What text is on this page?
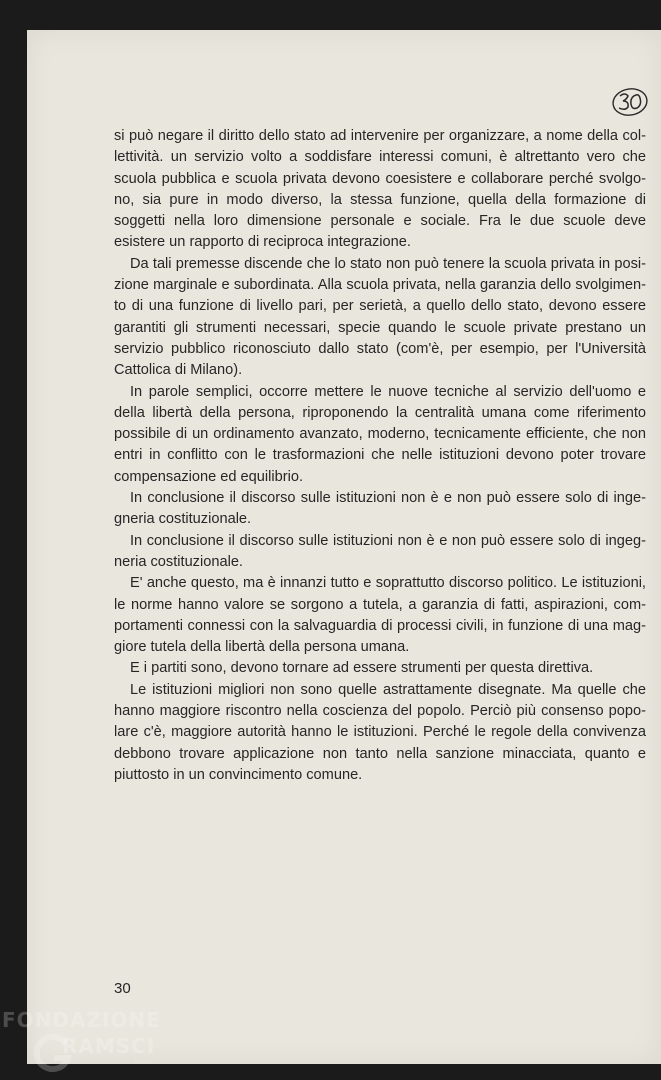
si può negare il diritto dello stato ad intervenire per organizzare, a nome della collettività. un servizio volto a soddisfare interessi comuni, è altrettanto vero che scuola pubblica e scuola privata devono coesistere e collaborare perché svolgono, sia pure in modo diverso, la stessa funzione, quella della formazione di soggetti nella loro dimensione personale e sociale. Fra le due scuole deve esistere un rapporto di reciproca integrazione.

Da tali premesse discende che lo stato non può tenere la scuola privata in posizione marginale e subordinata. Alla scuola privata, nella garanzia dello svolgimento di una funzione di livello pari, per serietà, a quello dello stato, devono essere garantiti gli strumenti necessari, specie quando le scuole private prestano un servizio pubblico riconosciuto dallo stato (com'è, per esempio, per l'Università Cattolica di Milano).

In parole semplici, occorre mettere le nuove tecniche al servizio dell'uomo e della libertà della persona, riproponendo la centralità umana come riferimento possibile di un ordinamento avanzato, moderno, tecnicamente efficiente, che non entri in conflitto con le trasformazioni che nelle istituzioni devono poter trovare compensazione ed equilibrio.

In conclusione il discorso sulle istituzioni non è e non può essere solo di ingegneria costituzionale.

In conclusione il discorso sulle istituzioni non è e non può essere solo di ingegneria costituzionale.

E' anche questo, ma è innanzi tutto e soprattutto discorso politico. Le istituzioni, le norme hanno valore se sorgono a tutela, a garanzia di fatti, aspirazioni, comportamenti connessi con la salvaguardia di processi civili, in funzione di una maggiore tutela della libertà della persona umana.

E i partiti sono, devono tornare ad essere strumenti per questa direttiva.

Le istituzioni migliori non sono quelle astrattamente disegnate. Ma quelle che hanno maggiore riscontro nella coscienza del popolo. Perciò più consenso popolare c'è, maggiore autorità hanno le istituzioni. Perché le regole della convivenza debbono trovare applicazione non tanto nella sanzione minacciata, quanto e piuttosto in un convincimento comune.

30
FONDAZIONE
RAMSCI
onlus
